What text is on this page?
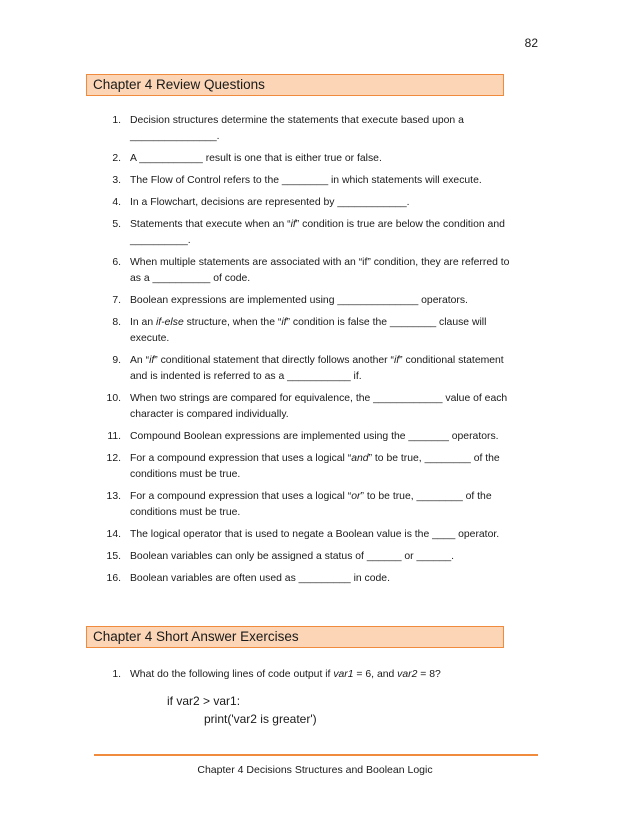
82
Chapter 4 Review Questions
1. Decision structures determine the statements that execute based upon a _______________.
2. A ___________ result is one that is either true or false.
3. The Flow of Control refers to the ________ in which statements will execute.
4. In a Flowchart, decisions are represented by ____________.
5. Statements that execute when an “if” condition is true are below the condition and __________.
6. When multiple statements are associated with an “if” condition, they are referred to as a __________ of code.
7. Boolean expressions are implemented using ______________ operators.
8. In an if-else structure, when the “if” condition is false the ________ clause will execute.
9. An “if” conditional statement that directly follows another “if” conditional statement and is indented is referred to as a ___________ if.
10. When two strings are compared for equivalence, the ____________ value of each character is compared individually.
11. Compound Boolean expressions are implemented using the _______ operators.
12. For a compound expression that uses a logical “and” to be true, ________ of the conditions must be true.
13. For a compound expression that uses a logical “or” to be true, ________ of the conditions must be true.
14. The logical operator that is used to negate a Boolean value is the ____ operator.
15. Boolean variables can only be assigned a status of ______ or ______.
16. Boolean variables are often used as _________ in code.
Chapter 4 Short Answer Exercises
1. What do the following lines of code output if var1 = 6, and var2 = 8?
if var2 > var1:
print('var2 is greater')
Chapter 4 Decisions Structures and Boolean Logic
